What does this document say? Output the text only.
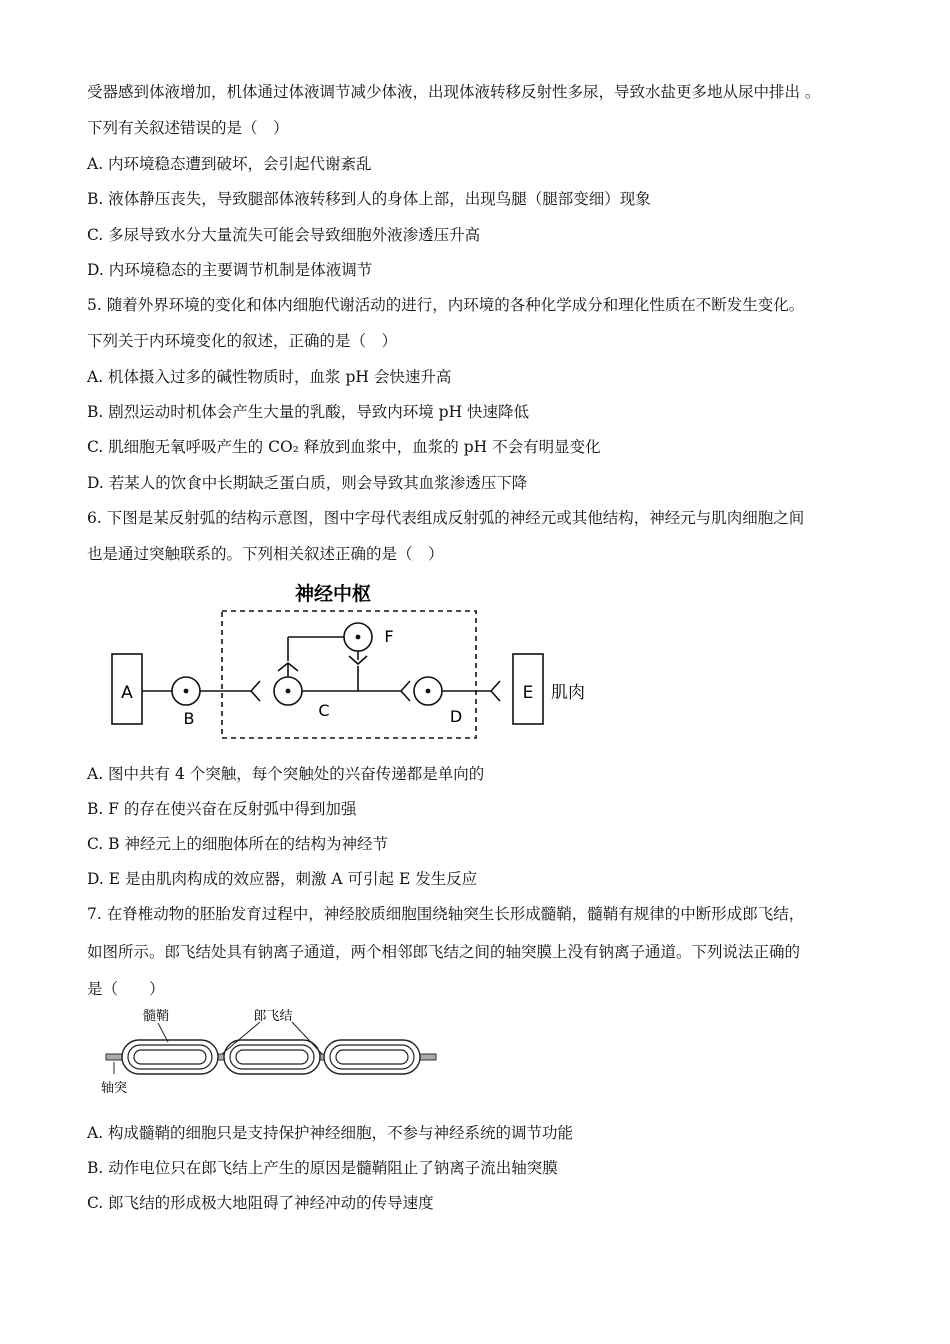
受器感到体液增加，机体通过体液调节减少体液，出现体液转移反射性多尿，导致水盐更多地从尿中排出 。
下列有关叙述错误的是（　）
A. 内环境稳态遭到破坏，会引起代谢紊乱
B. 液体静压丧失，导致腿部体液转移到人的身体上部，出现鸟腿（腿部变细）现象
C. 多尿导致水分大量流失可能会导致细胞外液渗透压升高
D. 内环境稳态的主要调节机制是体液调节
5. 随着外界环境的变化和体内细胞代谢活动的进行，内环境的各种化学成分和理化性质在不断发生变化。
下列关于内环境变化的叙述，正确的是（　）
A. 机体摄入过多的碱性物质时，血浆 pH 会快速升高
B. 剧烈运动时机体会产生大量的乳酸，导致内环境 pH 快速降低
C. 肌细胞无氧呼吸产生的 CO₂ 释放到血浆中，血浆的 pH 不会有明显变化
D. 若某人的饮食中长期缺乏蛋白质，则会导致其血浆渗透压下降
6. 下图是某反射弧的结构示意图，图中字母代表组成反射弧的神经元或其他结构，神经元与肌肉细胞之间
也是通过突触联系的。下列相关叙述正确的是（　）
神经中枢
A
B	C
F
D
E 肌肉
A. 图中共有 4 个突触，每个突触处的兴奋传递都是单向的
B. F 的存在使兴奋在反射弧中得到加强
C. B 神经元上的细胞体所在的结构为神经节
D. E 是由肌肉构成的效应器，刺激 A 可引起 E 发生反应
7. 在脊椎动物的胚胎发育过程中，神经胶质细胞围绕轴突生长形成髓鞘，髓鞘有规律的中断形成郎飞结，
如图所示。郎飞结处具有钠离子通道，两个相邻郎飞结之间的轴突膜上没有钠离子通道。下列说法正确的
是（　　）
髓鞘	郎飞结
轴突
A. 构成髓鞘的细胞只是支持保护神经细胞，不参与神经系统的调节功能
B. 动作电位只在郎飞结上产生的原因是髓鞘阻止了钠离子流出轴突膜
C. 郎飞结的形成极大地阻碍了神经冲动的传导速度
